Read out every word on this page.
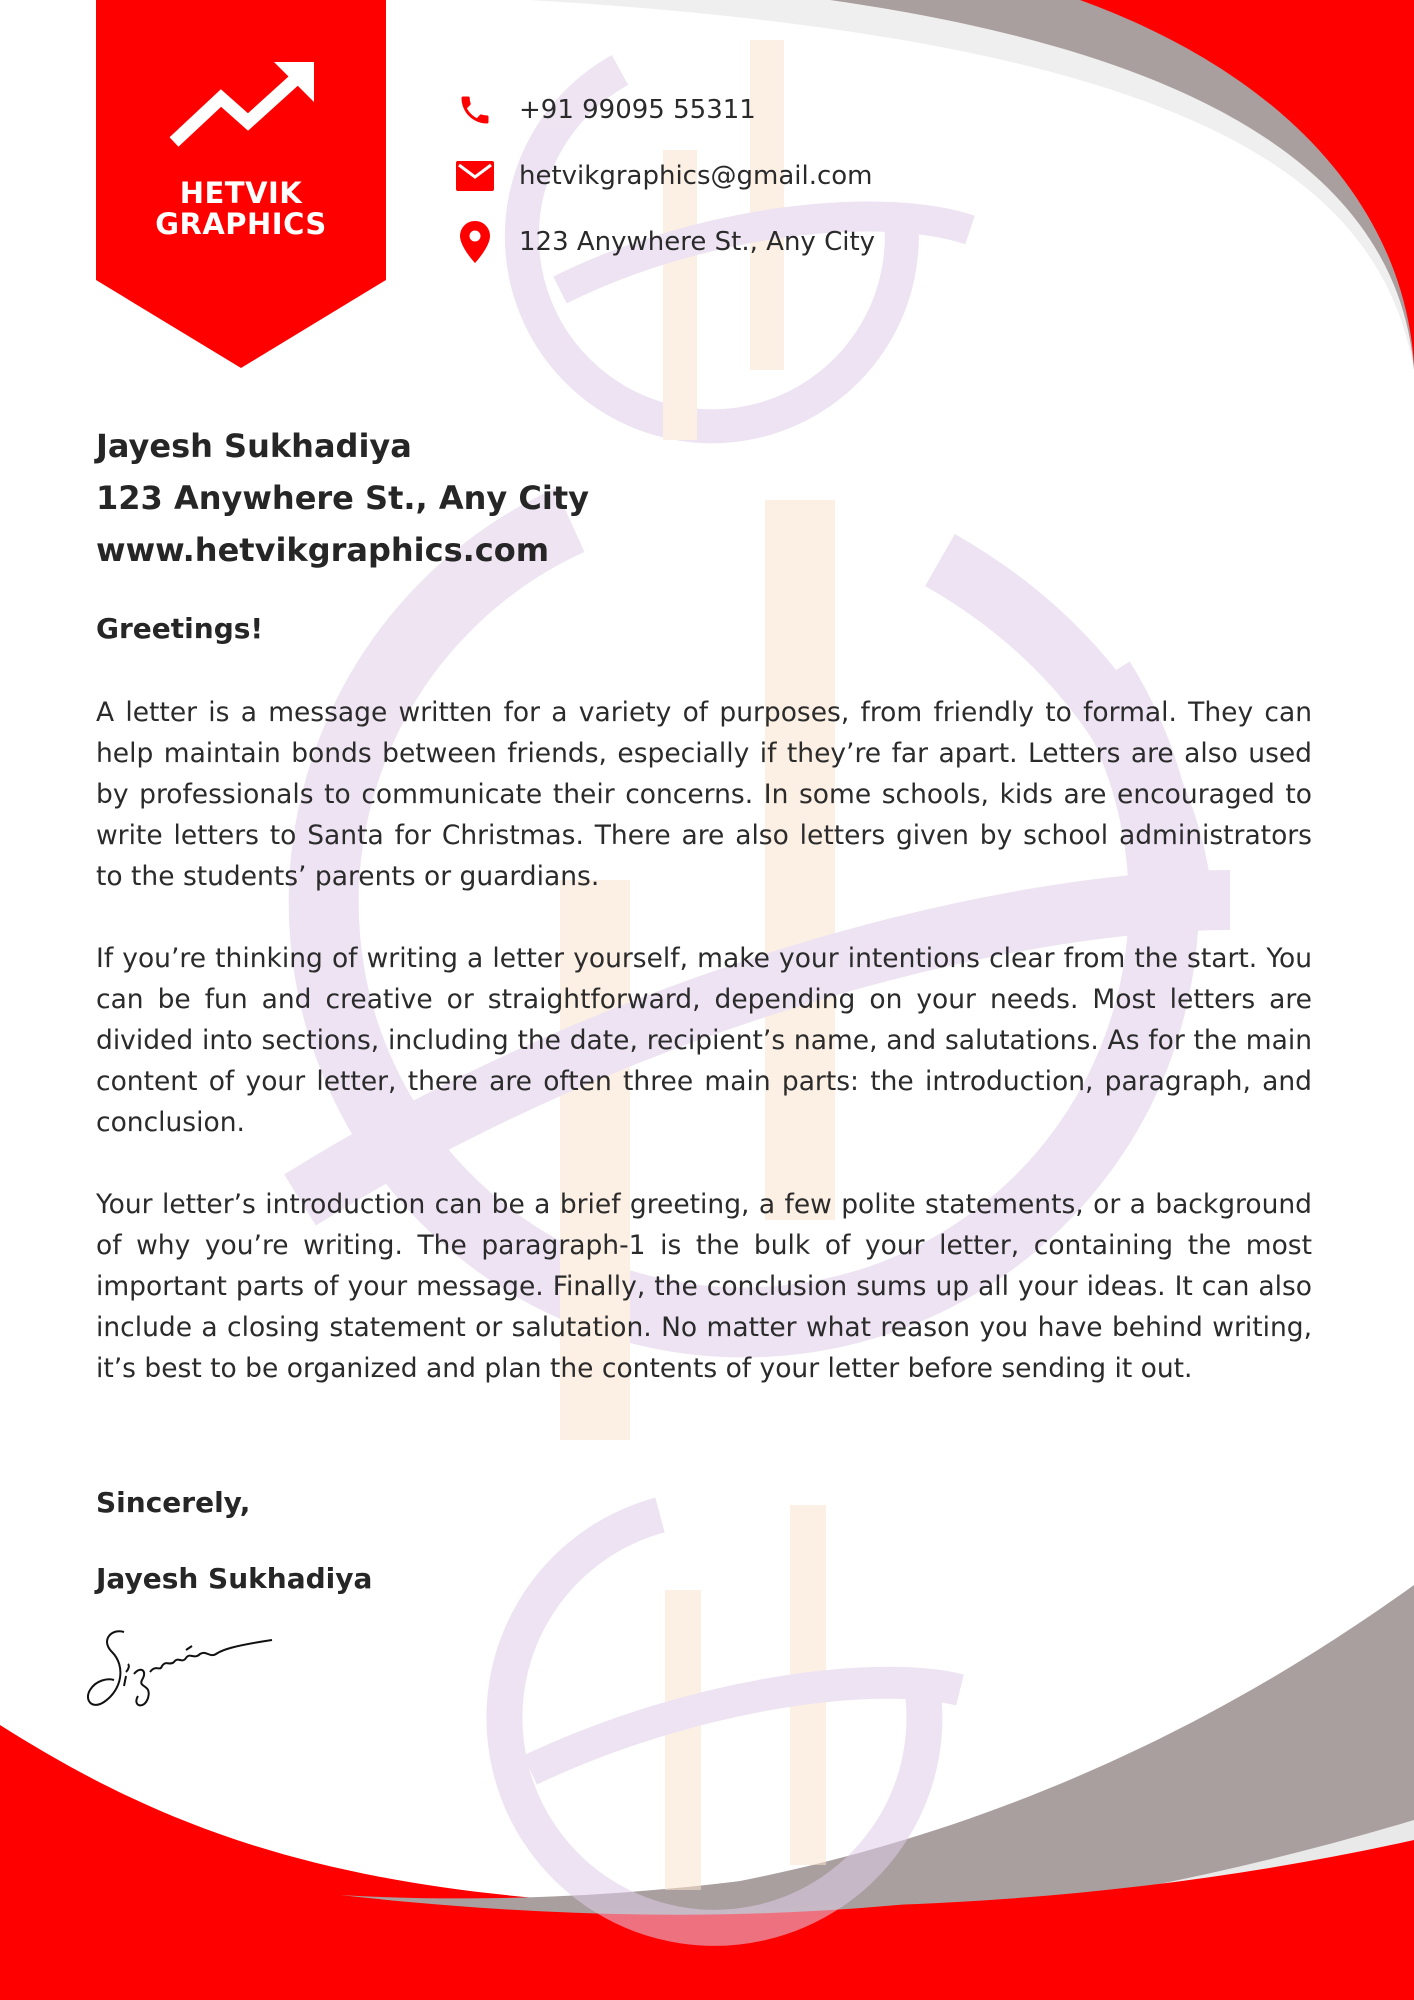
HETVIK
GRAPHICS
+91 99095 55311
hetvikgraphics@gmail.com
123 Anywhere St., Any City
Jayesh Sukhadiya
123 Anywhere St., Any City
www.hetvikgraphics.com
Greetings!
A letter is a message written for a variety of purposes, from friendly to formal. They can help maintain bonds between friends, especially if they’re far apart. Letters are also used by professionals to communicate their concerns. In some schools, kids are encouraged to write letters to Santa for Christmas. There are also letters given by school administrators to the students’ parents or guardians.
If you’re thinking of writing a letter yourself, make your intentions clear from the start. You can be fun and creative or straightforward, depending on your needs. Most letters are divided into sections, including the date, recipient’s name, and salutations. As for the main content of your letter, there are often three main parts: the introduction, paragraph, and conclusion.
Your letter’s introduction can be a brief greeting, a few polite statements, or a background of why you’re writing. The paragraph-1 is the bulk of your letter, containing the most important parts of your message. Finally, the conclusion sums up all your ideas. It can also include a closing statement or salutation. No matter what reason you have behind writing, it’s best to be organized and plan the contents of your letter before sending it out.
Sincerely,
Jayesh Sukhadiya
